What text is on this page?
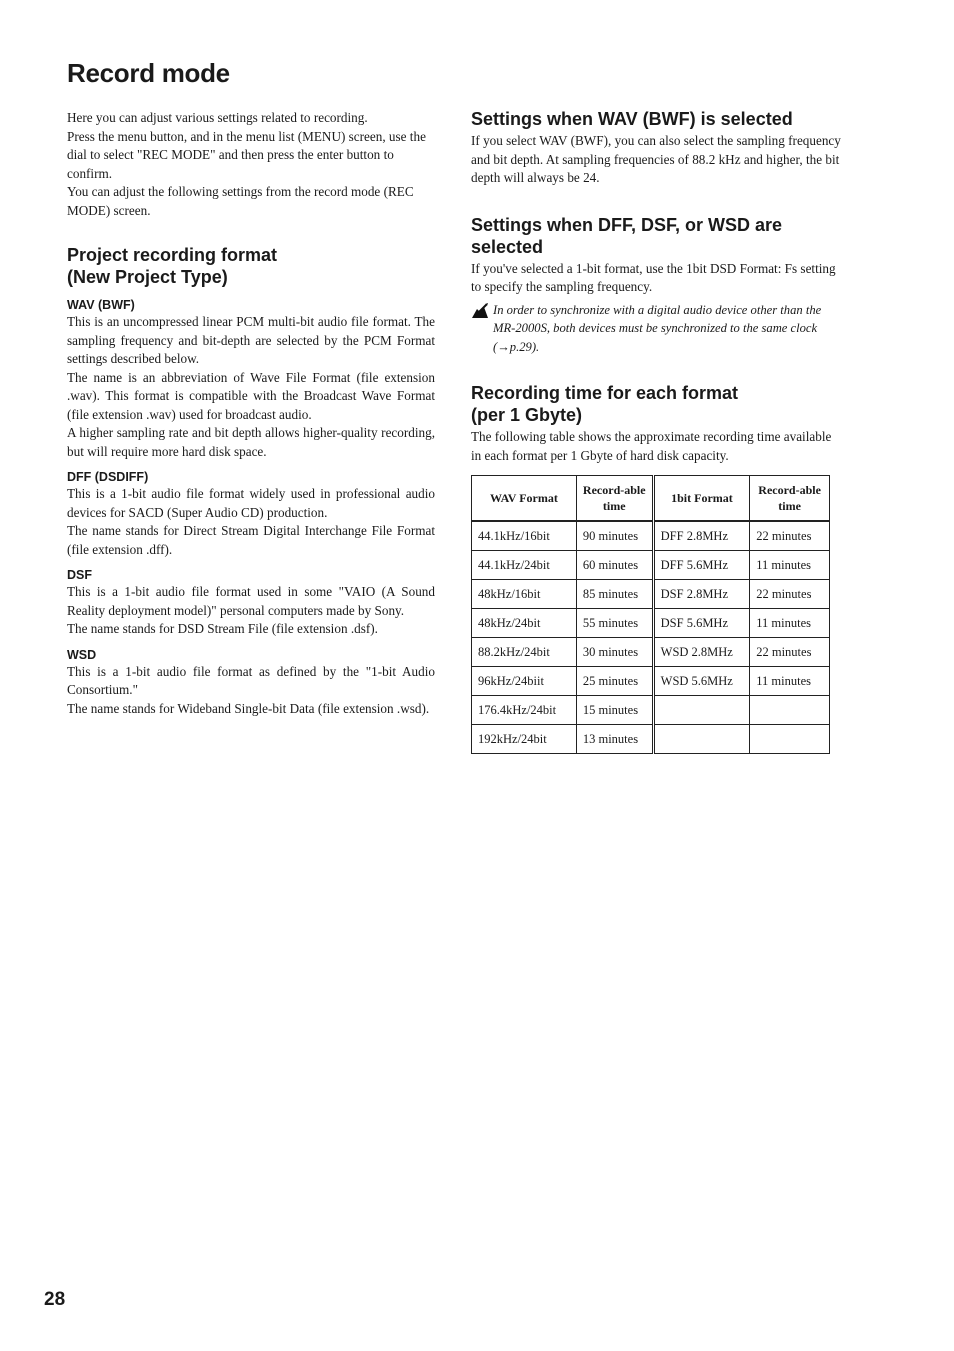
Record mode

Here you can adjust various settings related to recording.

Press the menu button, and in the menu list (MENU) screen, use the dial to select "REC MODE" and then press the enter button to confirm.

You can adjust the following settings from the record mode (REC MODE) screen.

Project recording format (New Project Type)
WAV (BWF)

This is an uncompressed linear PCM multi-bit audio file format. The sampling frequency and bit-depth are selected by the PCM Format settings described below.

The name is an abbreviation of Wave File Format (file extension .wav). This format is compatible with the Broadcast Wave Format (file extension .wav) used for broadcast audio.

A higher sampling rate and bit depth allows higher-quality recording, but will require more hard disk space.

DFF (DSDIFF)

This is a 1-bit audio file format widely used in professional audio devices for SACD (Super Audio CD) production.

The name stands for Direct Stream Digital Interchange File Format (file extension .dff).

DSF

This is a 1-bit audio file format used in some "VAIO (A Sound Reality deployment model)" personal computers made by Sony.

The name stands for DSD Stream File (file extension .dsf).

WSD

This is a 1-bit audio file format as defined by the "1-bit Audio Consortium."

The name stands for Wideband Single-bit Data (file extension .wsd).

Settings when WAV (BWF) is selected

If you select WAV (BWF), you can also select the sampling frequency and bit depth. At sampling frequencies of 88.2 kHz and higher, the bit depth will always be 24.

Settings when DFF, DSF, or WSD are selected

If you've selected a 1-bit format, use the 1bit DSD Format: Fs setting to specify the sampling frequency.

In order to synchronize with a digital audio device other than the MR-2000S, both devices must be synchronized to the same clock (→p.29).
Recording time for each format (per 1 Gbyte)

The following table shows the approximate recording time available in each format per 1 Gbyte of hard disk capacity.

WAV Format	Record-able time	1bit Format	Record-able time
44.1kHz/16bit	90 minutes	DFF 2.8MHz	22 minutes
44.1kHz/24bit	60 minutes	DFF 5.6MHz	11 minutes
48kHz/16bit	85 minutes	DSF 2.8MHz	22 minutes
48kHz/24bit	55 minutes	DSF 5.6MHz	11 minutes
88.2kHz/24bit	30 minutes	WSD 2.8MHz	22 minutes
96kHz/24biit	25 minutes	WSD 5.6MHz	11 minutes
176.4kHz/24bit	15 minutes		
192kHz/24bit	13 minutes		
28
